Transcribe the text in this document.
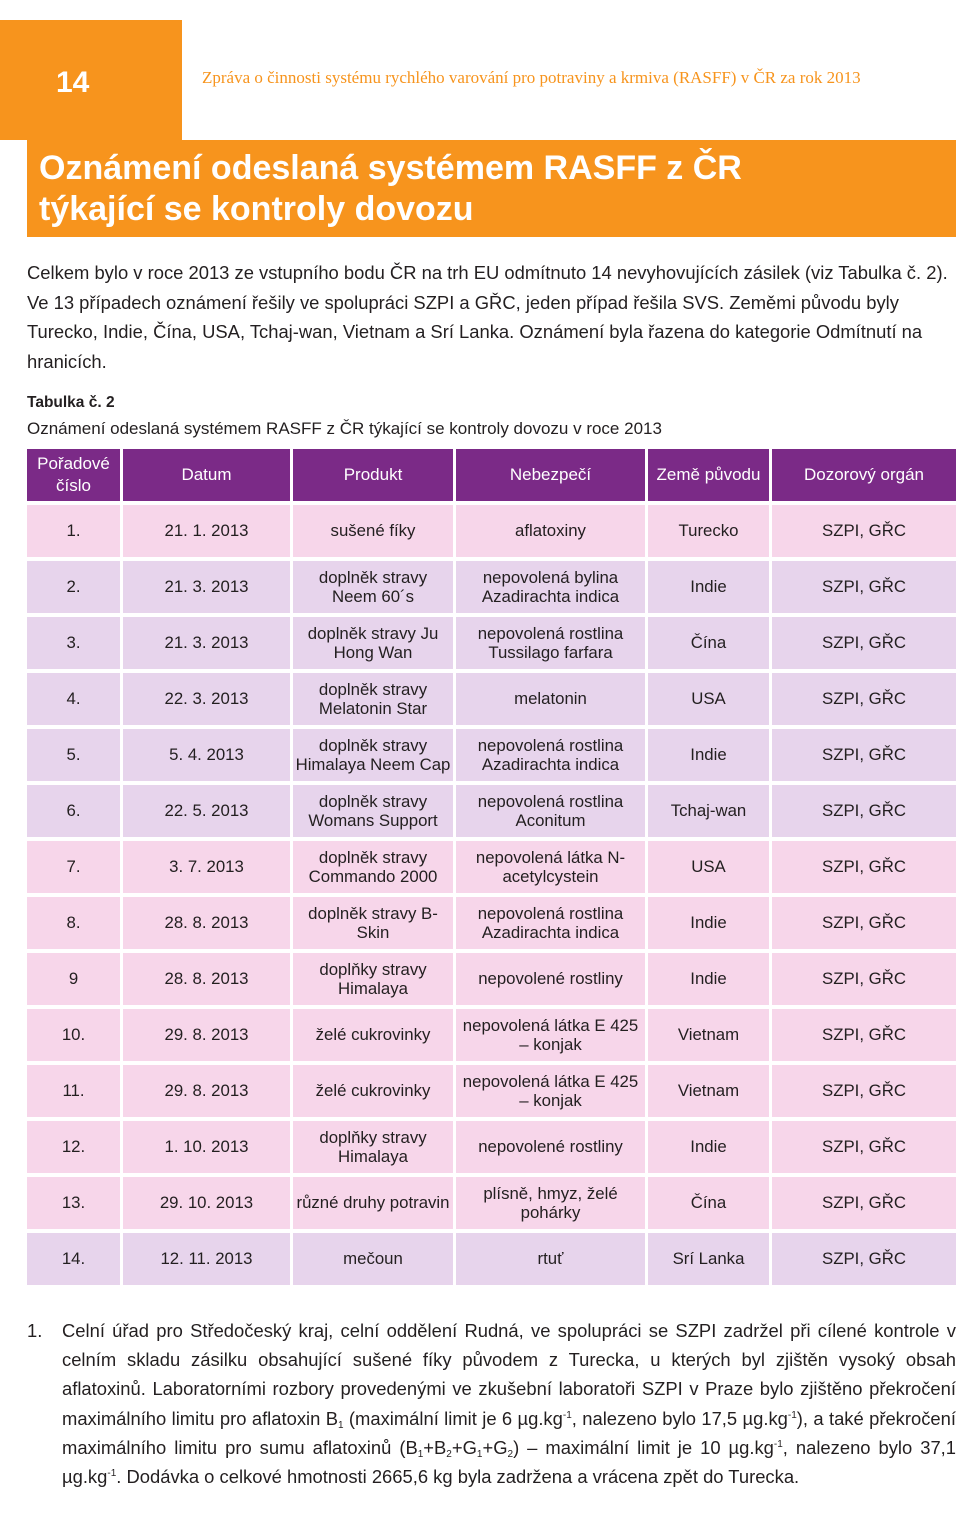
14	Zpráva o činnosti systému rychlého varování pro potraviny a krmiva (RASFF) v ČR za rok 2013
Oznámení odeslaná systémem RASFF z ČR
týkající se kontroly dovozu

Celkem bylo v roce 2013 ze vstupního bodu ČR na trh EU odmítnuto 14 nevyhovujících zásilek (viz Tabulka č. 2). Ve 13 případech oznámení řešily ve spolupráci SZPI a GŘC, jeden případ řešila SVS. Zeměmi původu byly Turecko, Indie, Čína, USA, Tchaj-wan, Vietnam a Srí Lanka. Oznámení byla řazena do kategorie Odmítnutí na hranicích.

Tabulka č. 2
Oznámení odeslaná systémem RASFF z ČR týkající se kontroly dovozu v roce 2013
Pořadové číslo	Datum	Produkt	Nebezpečí	Země původu	Dozorový orgán
1.	21. 1. 2013	sušené fíky	aflatoxiny	Turecko	SZPI, GŘC
2.	21. 3. 2013	doplněk stravy Neem 60´s	nepovolená bylina Azadirachta indica	Indie	SZPI, GŘC
3.	21. 3. 2013	doplněk stravy Ju Hong Wan	nepovolená rostlina Tussilago farfara	Čína	SZPI, GŘC
4.	22. 3. 2013	doplněk stravy Melatonin Star	melatonin	USA	SZPI, GŘC
5.	5. 4. 2013	doplněk stravy Himalaya Neem Cap	nepovolená rostlina Azadirachta indica	Indie	SZPI, GŘC
6.	22. 5. 2013	doplněk stravy Womans Support	nepovolená rostlina Aconitum	Tchaj-wan	SZPI, GŘC
7.	3. 7. 2013	doplněk stravy Commando 2000	nepovolená látka N-acetylcystein	USA	SZPI, GŘC
8.	28. 8. 2013	doplněk stravy B-Skin	nepovolená rostlina Azadirachta indica	Indie	SZPI, GŘC
9	28. 8. 2013	doplňky stravy Himalaya	nepovolené rostliny	Indie	SZPI, GŘC
10.	29. 8. 2013	želé cukrovinky	nepovolená látka E 425 – konjak	Vietnam	SZPI, GŘC
11.	29. 8. 2013	želé cukrovinky	nepovolená látka E 425 – konjak	Vietnam	SZPI, GŘC
12.	1. 10. 2013	doplňky stravy Himalaya	nepovolené rostliny	Indie	SZPI, GŘC
13.	29. 10. 2013	různé druhy potravin	plísně, hmyz, želé pohárky	Čína	SZPI, GŘC
14.	12. 11. 2013	mečoun	rtuť	Srí Lanka	SZPI, GŘC
1. Celní úřad pro Středočeský kraj, celní oddělení Rudná, ve spolupráci se SZPI zadržel při cílené kontrole v celním skladu zásilku obsahující sušené fíky původem z Turecka, u kterých byl zjištěn vysoký obsah aflatoxinů. Laboratorními rozbory provedenými ve zkušební laboratoři SZPI v Praze bylo zjištěno překročení maximálního limitu pro aflatoxin $B_1$ (maximální limit je 6 $\mu g.kg^{-1}$, nalezeno bylo 17,5 $\mu g.kg^{-1}$), a také překročení maximálního limitu pro sumu aflatoxinů $(B_1+B_2+G_1+G_2)$ – maximální limit je 10 $\mu g.kg^{-1}$, nalezeno bylo 37,1 $\mu g.kg^{-1}$. Dodávka o celkové hmotnosti 2665,6 kg byla zadržena a vrácena zpět do Turecka.
